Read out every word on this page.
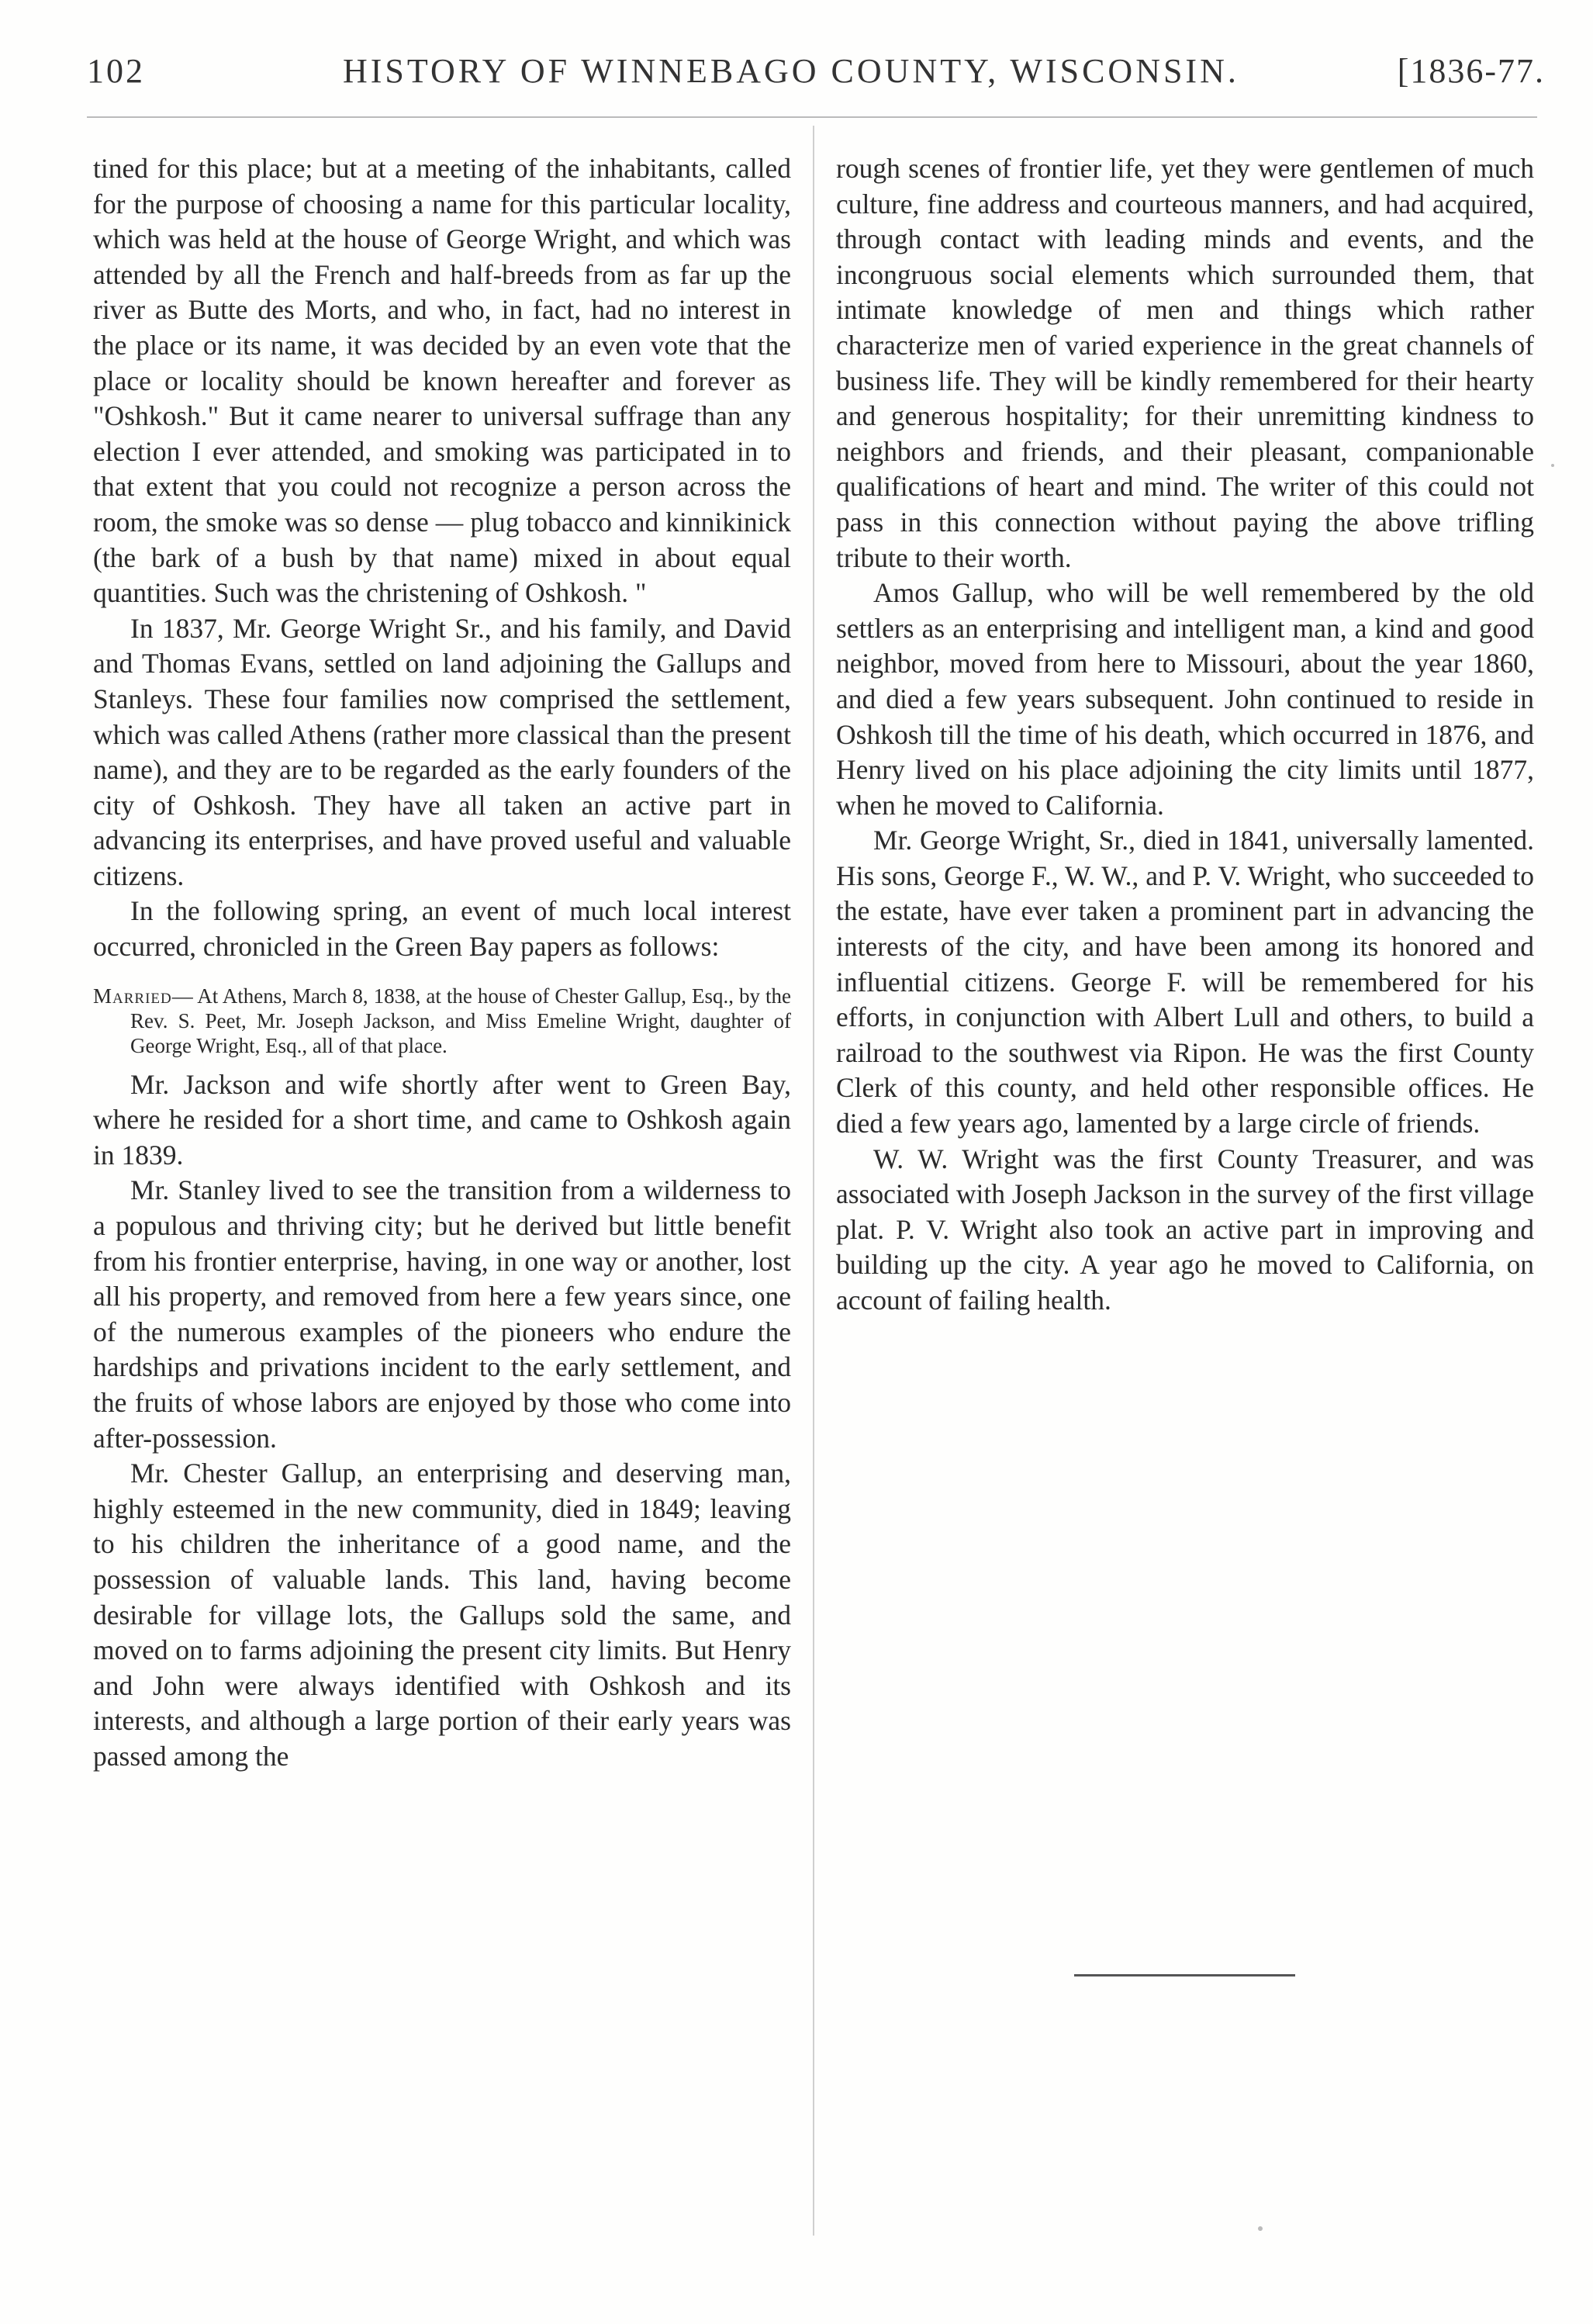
102	HISTORY OF WINNEBAGO COUNTY, WISCONSIN.	[1836-77.

tined for this place; but at a meeting of the inhabitants, called for the purpose of choosing a name for this particular locality, which was held at the house of George Wright, and which was attended by all the French and half-breeds from as far up the river as Butte des Morts, and who, in fact, had no interest in the place or its name, it was decided by an even vote that the place or locality should be known hereafter and forever as "Oshkosh." But it came nearer to universal suffrage than any election I ever attended, and smoking was participated in to that extent that you could not recognize a person across the room, the smoke was so dense — plug tobacco and kinnikinick (the bark of a bush by that name) mixed in about equal quantities. Such was the christening of Oshkosh. "

In 1837, Mr. George Wright Sr., and his family, and David and Thomas Evans, settled on land adjoining the Gallups and Stanleys. These four families now comprised the settlement, which was called Athens (rather more classical than the present name), and they are to be regarded as the early founders of the city of Oshkosh. They have all taken an active part in advancing its enterprises, and have proved useful and valuable citizens.

In the following spring, an event of much local interest occurred, chronicled in the Green Bay papers as follows:

Married— At Athens, March 8, 1838, at the house of Chester Gallup, Esq., by the Rev. S. Peet, Mr. Joseph Jackson, and Miss Emeline Wright, daughter of George Wright, Esq., all of that place.

Mr. Jackson and wife shortly after went to Green Bay, where he resided for a short time, and came to Oshkosh again in 1839.

Mr. Stanley lived to see the transition from a wilderness to a populous and thriving city; but he derived but little benefit from his frontier enterprise, having, in one way or another, lost all his property, and removed from here a few years since, one of the numerous examples of the pioneers who endure the hardships and privations incident to the early settlement, and the fruits of whose labors are enjoyed by those who come into after-possession.

Mr. Chester Gallup, an enterprising and deserving man, highly esteemed in the new community, died in 1849; leaving to his children the inheritance of a good name, and the possession of valuable lands. This land, having become desirable for village lots, the Gallups sold the same, and moved on to farms adjoining the present city limits. But Henry and John were always identified with Oshkosh and its interests, and although a large portion of their early years was passed among the

rough scenes of frontier life, yet they were gentlemen of much culture, fine address and courteous manners, and had acquired, through contact with leading minds and events, and the incongruous social elements which surrounded them, that intimate knowledge of men and things which rather characterize men of varied experience in the great channels of business life. They will be kindly remembered for their hearty and generous hospitality; for their unremitting kindness to neighbors and friends, and their pleasant, companionable qualifications of heart and mind. The writer of this could not pass in this connection without paying the above trifling tribute to their worth.

Amos Gallup, who will be well remembered by the old settlers as an enterprising and intelligent man, a kind and good neighbor, moved from here to Missouri, about the year 1860, and died a few years subsequent. John continued to reside in Oshkosh till the time of his death, which occurred in 1876, and Henry lived on his place adjoining the city limits until 1877, when he moved to California.

Mr. George Wright, Sr., died in 1841, universally lamented. His sons, George F., W. W., and P. V. Wright, who succeeded to the estate, have ever taken a prominent part in advancing the interests of the city, and have been among its honored and influential citizens. George F. will be remembered for his efforts, in conjunction with Albert Lull and others, to build a railroad to the southwest via Ripon. He was the first County Clerk of this county, and held other responsible offices. He died a few years ago, lamented by a large circle of friends.

W. W. Wright was the first County Treasurer, and was associated with Joseph Jackson in the survey of the first village plat. P. V. Wright also took an active part in improving and building up the city. A year ago he moved to California, on account of failing health.
